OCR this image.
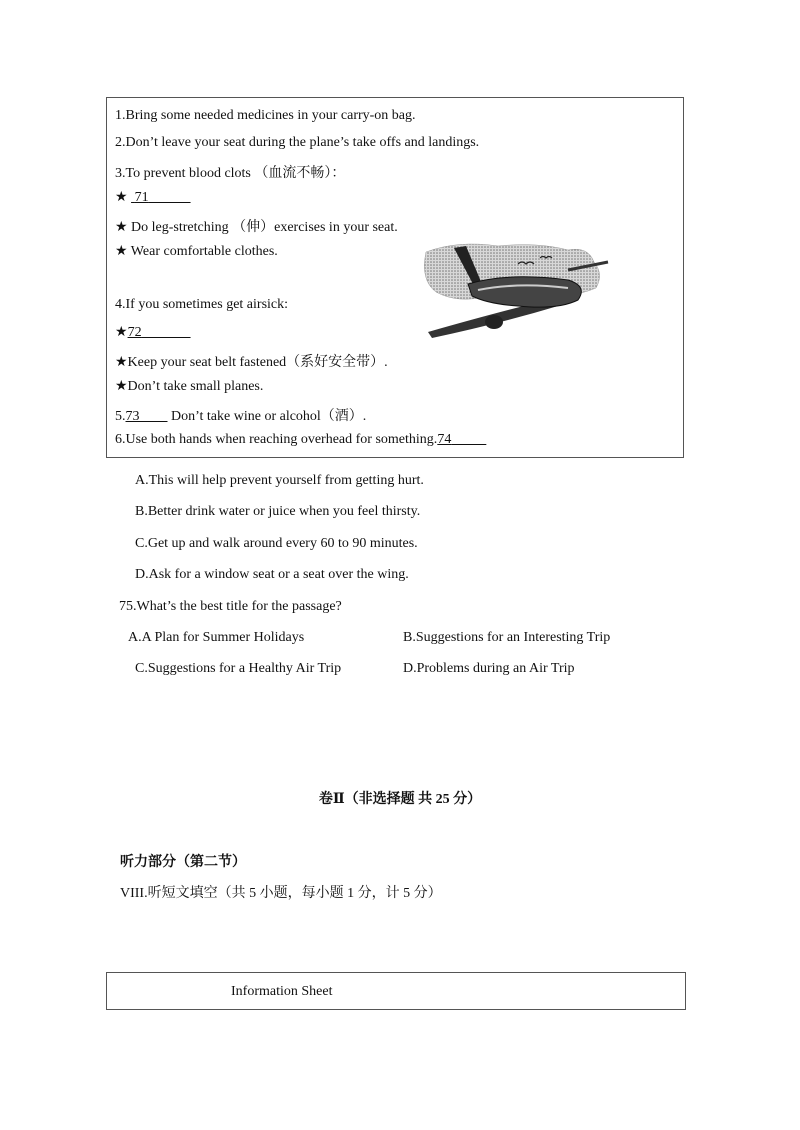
1.Bring some needed medicines in your carry-on bag.
2.Don’t leave your seat during the plane’s take offs and landings.
3.To prevent blood clots （血流不畅）：
★ 71
★ Do leg-stretching （伸）exercises in your seat.
★ Wear comfortable clothes.
4.If you sometimes get airsick:
★72
★Keep your seat belt fastened（系好安全带）.
★Don’t take small planes.
5.73         Don’t take wine or alcohol（酒）.
6.Use both hands when reaching overhead for something.74
A.This will help prevent yourself from getting hurt.
B.Better drink water or juice when you feel thirsty.
C.Get up and walk around every 60 to 90 minutes.
D.Ask for a window seat or a seat over the wing.
75.What’s the best title for the passage?
A.A Plan for Summer Holidays	B.Suggestions for an Interesting Trip
C.Suggestions for a Healthy Air Trip	D.Problems during an Air Trip
卷Ⅱ（非选择题 共 25 分）
听力部分（第二节）
VIII.听短文填空（共 5 小题，每小题 1 分，计 5 分）
Information Sheet
